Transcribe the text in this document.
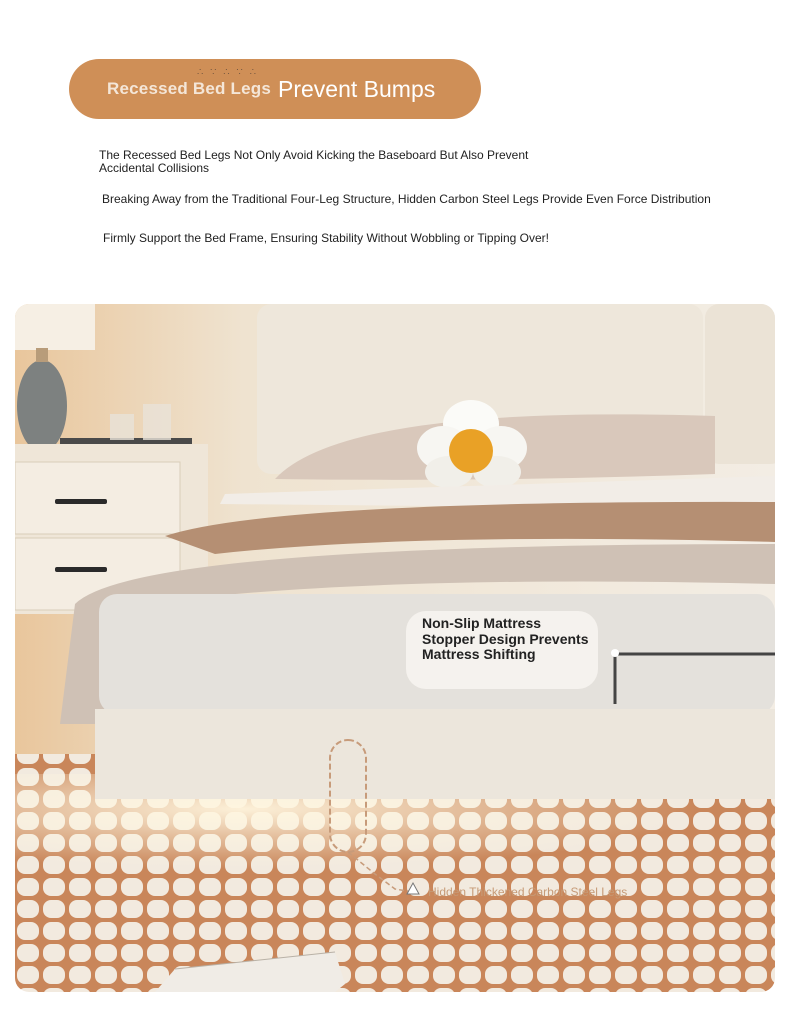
Recessed Bed Legs
∴ ∵ ∴ ∵ ∴
Prevent Bumps
The Recessed Bed Legs Not Only Avoid Kicking the Baseboard But Also Prevent Accidental Collisions
Breaking Away from the Traditional Four-Leg Structure, Hidden Carbon Steel Legs Provide Even Force Distribution
Firmly Support the Bed Frame, Ensuring Stability Without Wobbling or Tipping Over!
Non-Slip Mattress Stopper Design Prevents Mattress Shifting
Hidden Thickened Carbon Steel Legs
